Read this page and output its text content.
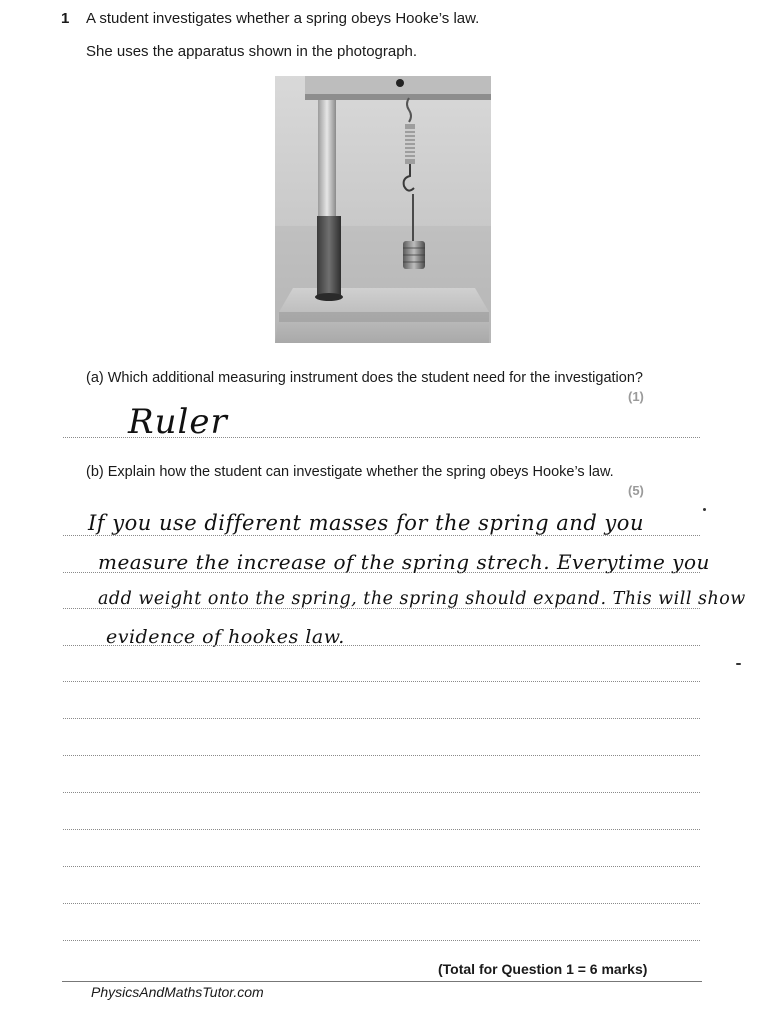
1 A student investigates whether a spring obeys Hooke’s law.
She uses the apparatus shown in the photograph.
(a) Which additional measuring instrument does the student need for the investigation?
(1)
Ruler
(b) Explain how the student can investigate whether the spring obeys Hooke’s law.
(5)
If you use different masses for the spring and you
measure the increase of the spring strech. Everytime you
add weight onto the spring, the spring should expand. This will show
evidence of hookes law.
(Total for Question 1 = 6 marks)
PhysicsAndMathsTutor.com
